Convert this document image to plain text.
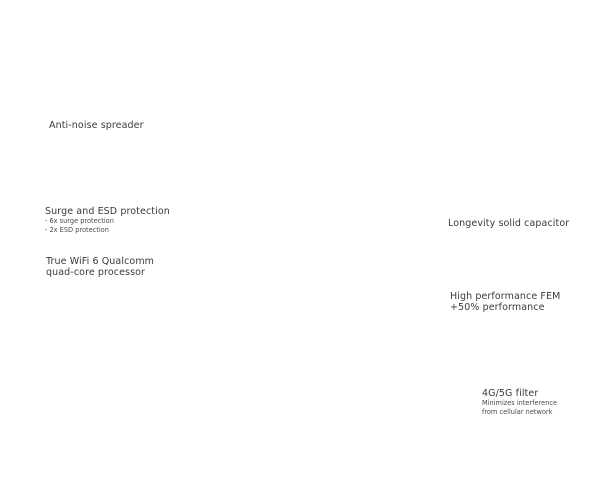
Anti-noise spreader
Surge and ESD protection
- 6x surge protection
- 2x ESD protection
True WiFi 6 Qualcomm
quad-core processor
Longevity solid capacitor
High performance FEM
+50% performance
4G/5G filter
Minimizes interference
from cellular network
